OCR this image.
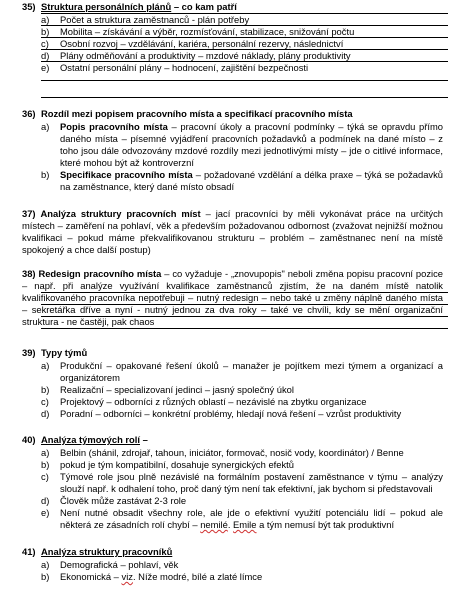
35) Struktura personálních plánů – co kam patří
a) Počet a struktura zaměstnanců - plán potřeby
b) Mobilita – získávání a výběr, rozmísťování, stabilizace, snižování počtu
c) Osobní rozvoj – vzdělávání, kariéra, personální rezervy, následnictví
d) Plány odměňování a produktivity – mzdové náklady, plány produktivity
e) Ostatní personální plány – hodnocení, zajištění bezpečnosti
36) Rozdíl mezi popisem pracovního místa a specifikací pracovního místa
a) Popis pracovního místa – pracovní úkoly a pracovní podmínky – týká se opravdu přímo daného místa – písemné vyjádření pracovních požadavků a podmínek na dané místo – z toho jsou dále odvozovány mzdové rozdíly mezi jednotlivými místy – jde o citlivé informace, které mohou být až kontroverzní
b) Specifikace pracovního místa – požadované vzdělání a délka praxe – týká se požadavků na zaměstnance, který dané místo obsadí
37) Analýza struktury pracovních míst – jací pracovníci by měli vykonávat práce na určitých místech – zaměření na pohlaví, věk a především požadovanou odbornost (zvažovat nejnižší možnou kvalifikaci – pokud máme překvalifikovanou strukturu – problém – zaměstnanec není na místě spokojený a chce další postup)
38) Redesign pracovního místa – co vyžaduje - „znovupopis" neboli změna popisu pracovní pozice – např. při analýze využívání kvalifikace zaměstnanců zjistím, že na daném místě natolik kvalifikovaného pracovníka nepotřebuji – nutný redesign – nebo také u změny náplně daného místa – sekretářka dříve a nyní - nutný jednou za dva roky – také ve chvíli, kdy se mění organizační struktura - ne častěji, pak chaos
39) Typy týmů
a) Produkční – opakované řešení úkolů – manažer je pojítkem mezi týmem a organizací a organizátorem
b) Realizační – specializovaní jedinci – jasný společný úkol
c) Projektový – odborníci z různých oblastí – nezávislé na zbytku organizace
d) Poradní – odborníci – konkrétní problémy, hledají nová řešení – vzrůst produktivity
40) Analýza týmových rolí –
a) Belbin (shánil, zdrojař, tahoun, iniciátor, formovač, nosič vody, koordinátor) / Benne
b) pokud je tým kompatibilní, dosahuje synergických efektů
c) Týmové role jsou plně nezávislé na formálním postavení zaměstnance v týmu – analýzy slouží např. k odhalení toho, proč daný tým není tak efektivní, jak bychom si představovali
d) Člověk může zastávat 2-3 role
e) Není nutné obsadit všechny role, ale jde o efektivní využití potenciálu lidí – pokud ale některá ze zásadních rolí chybí – nemilé. Emile a tým nemusí být tak produktivní
41) Analýza struktury pracovníků
a) Demografická – pohlaví, věk
b) Ekonomická – viz. Níže modré, bílé a zlaté límce
